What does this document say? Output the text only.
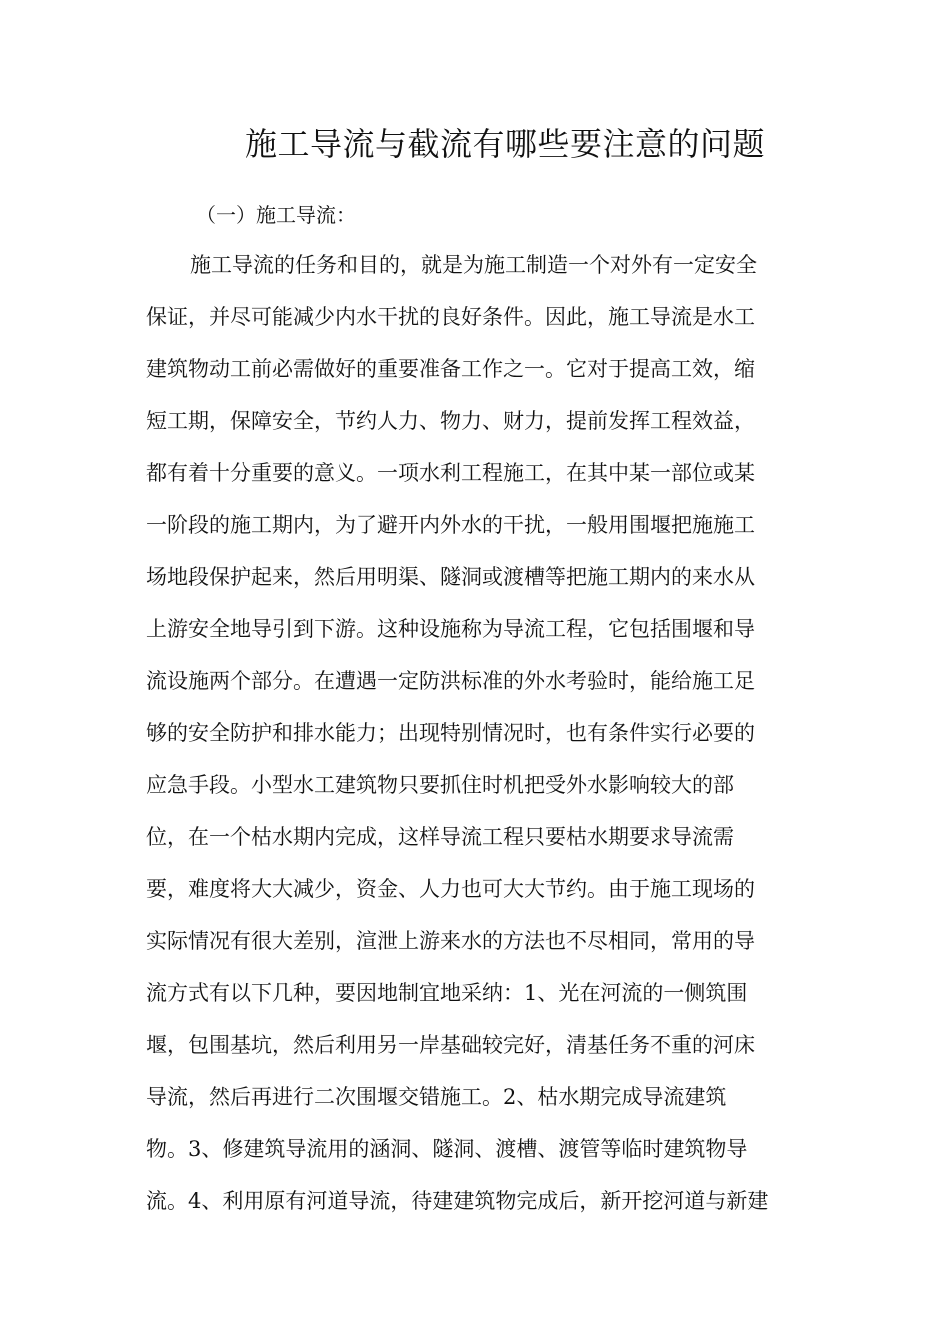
施工导流与截流有哪些要注意的问题
（一）施工导流：
施工导流的任务和目的，就是为施工制造一个对外有一定安全
保证，并尽可能减少内水干扰的良好条件。因此，施工导流是水工
建筑物动工前必需做好的重要准备工作之一。它对于提高工效，缩
短工期，保障安全，节约人力、物力、财力，提前发挥工程效益，
都有着十分重要的意义。一项水利工程施工，在其中某一部位或某
一阶段的施工期内，为了避开内外水的干扰，一般用围堰把施施工
场地段保护起来，然后用明渠、隧洞或渡槽等把施工期内的来水从
上游安全地导引到下游。这种设施称为导流工程，它包括围堰和导
流设施两个部分。在遭遇一定防洪标准的外水考验时，能给施工足
够的安全防护和排水能力；出现特别情况时，也有条件实行必要的
应急手段。小型水工建筑物只要抓住时机把受外水影响较大的部
位，在一个枯水期内完成，这样导流工程只要枯水期要求导流需
要，难度将大大减少，资金、人力也可大大节约。由于施工现场的
实际情况有很大差别，渲泄上游来水的方法也不尽相同，常用的导
流方式有以下几种，要因地制宜地采纳：1、光在河流的一侧筑围
堰，包围基坑，然后利用另一岸基础较完好，清基任务不重的河床
导流，然后再进行二次围堰交错施工。2、枯水期完成导流建筑
物。3、修建筑导流用的涵洞、隧洞、渡槽、渡管等临时建筑物导
流。4、利用原有河道导流，待建建筑物完成后，新开挖河道与新建
